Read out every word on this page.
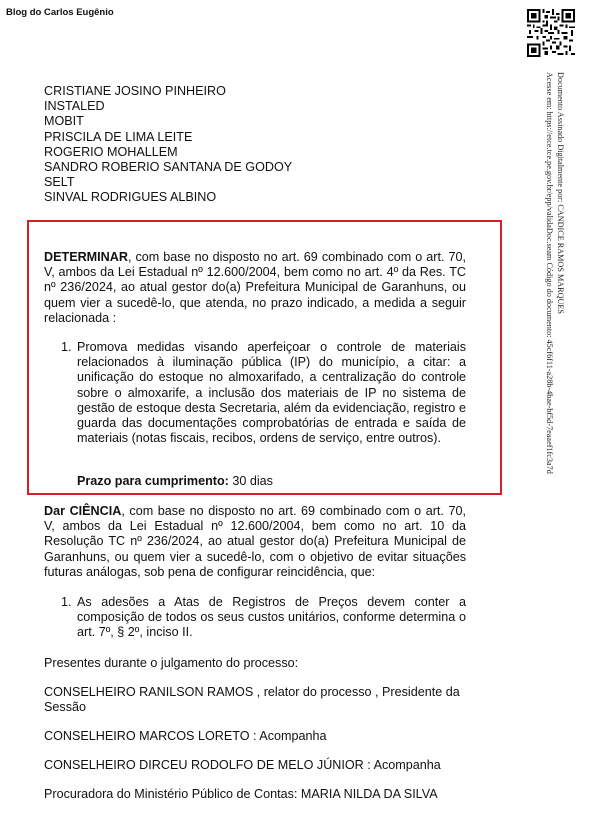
Blog do Carlos Eugênio
Documento Assinado Digitalmente por: CANDICE RAMOS MARQUES
Acesse em: https://etce.tce.pe.gov.br/epp/validaDoc.seam Código do documento: 45cf6f11-a28b-4bae-bf5d-7eaaef1fc3a7d
CRISTIANE JOSINO PINHEIRO
INSTALED
MOBIT
PRISCILA DE LIMA LEITE
ROGERIO MOHALLEM
SANDRO ROBERIO SANTANA DE GODOY
SELT
SINVAL RODRIGUES ALBINO
DETERMINAR, com base no disposto no art. 69 combinado com o art. 70, V, ambos da Lei Estadual nº 12.600/2004, bem como no art. 4º da Res. TC nº 236/2024, ao atual gestor do(a) Prefeitura Municipal de Garanhuns, ou quem vier a sucedê-lo, que atenda, no prazo indicado, a medida a seguir relacionada :
1. Promova medidas visando aperfeiçoar o controle de materiais relacionados à iluminação pública (IP) do município, a citar: a unificação do estoque no almoxarifado, a centralização do controle sobre o almoxarife, a inclusão dos materiais de IP no sistema de gestão de estoque desta Secretaria, além da evidenciação, registro e guarda das documentações comprobatórias de entrada e saída de materiais (notas fiscais, recibos, ordens de serviço, entre outros).
Prazo para cumprimento: 30 dias
Dar CIÊNCIA, com base no disposto no art. 69 combinado com o art. 70, V, ambos da Lei Estadual nº 12.600/2004, bem como no art. 10 da Resolução TC nº 236/2024, ao atual gestor do(a) Prefeitura Municipal de Garanhuns, ou quem vier a sucedê-lo, com o objetivo de evitar situações futuras análogas, sob pena de configurar reincidência, que:
1. As adesões a Atas de Registros de Preços devem conter a composição de todos os seus custos unitários, conforme determina o art. 7º, § 2º, inciso II.
Presentes durante o julgamento do processo:
CONSELHEIRO RANILSON RAMOS , relator do processo , Presidente da Sessão
CONSELHEIRO MARCOS LORETO : Acompanha
CONSELHEIRO DIRCEU RODOLFO DE MELO JÚNIOR : Acompanha
Procuradora do Ministério Público de Contas: MARIA NILDA DA SILVA
